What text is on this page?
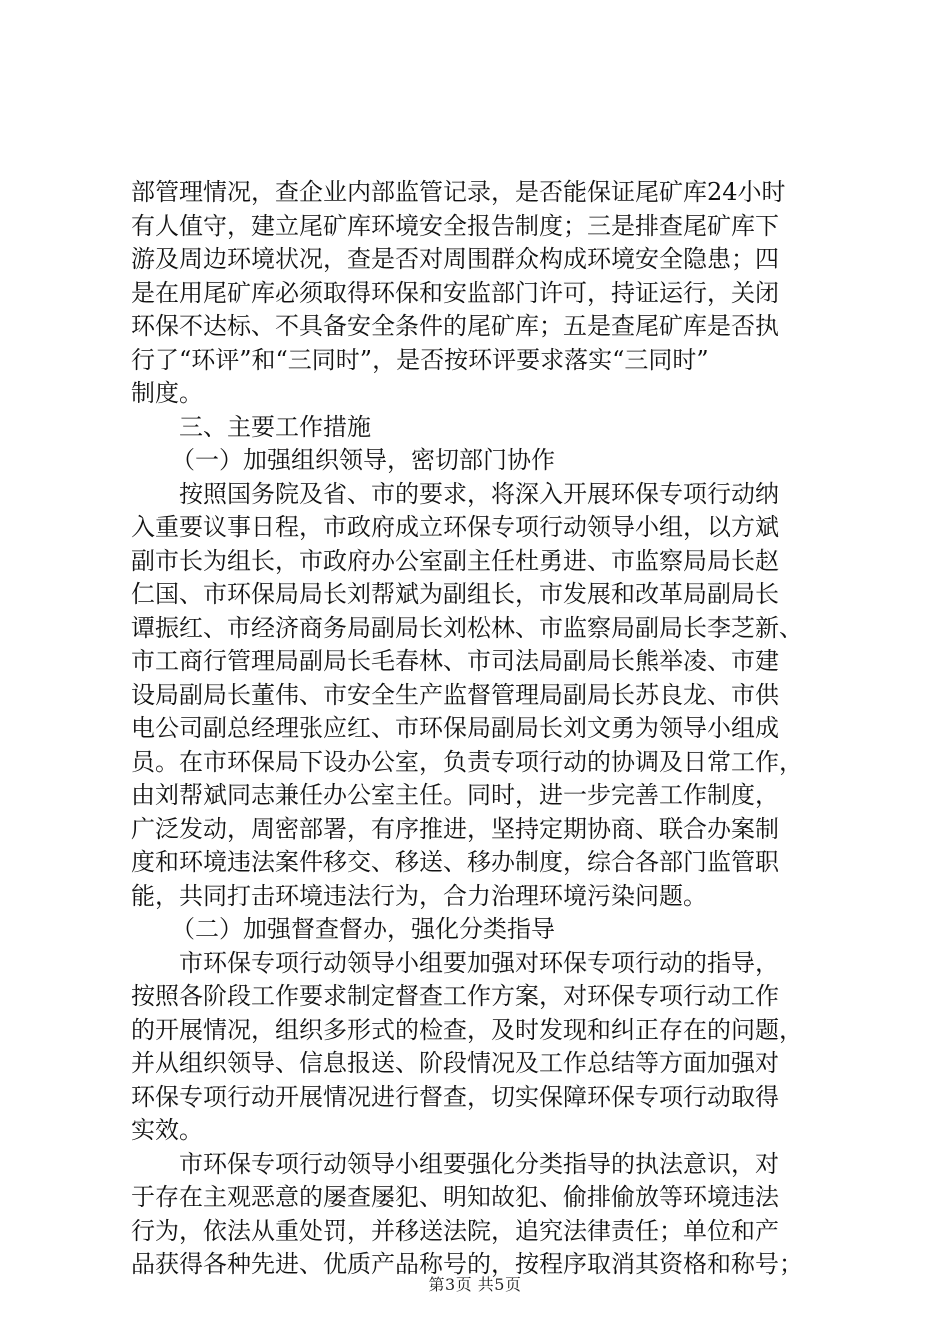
部管理情况，查企业内部监管记录，是否能保证尾矿库24小时
有人值守，建立尾矿库环境安全报告制度；三是排查尾矿库下
游及周边环境状况，查是否对周围群众构成环境安全隐患；四
是在用尾矿库必须取得环保和安监部门许可，持证运行，关闭
环保不达标、不具备安全条件的尾矿库；五是查尾矿库是否执
行了“环评”和“三同时”，是否按环评要求落实“三同时”
制度。
三、主要工作措施
（一）加强组织领导，密切部门协作
按照国务院及省、市的要求，将深入开展环保专项行动纳
入重要议事日程，市政府成立环保专项行动领导小组，以方斌
副市长为组长，市政府办公室副主任杜勇进、市监察局局长赵
仁国、市环保局局长刘帮斌为副组长，市发展和改革局副局长
谭振红、市经济商务局副局长刘松林、市监察局副局长李芝新、
市工商行管理局副局长毛春林、市司法局副局长熊举凌、市建
设局副局长董伟、市安全生产监督管理局副局长苏良龙、市供
电公司副总经理张应红、市环保局副局长刘文勇为领导小组成
员。在市环保局下设办公室，负责专项行动的协调及日常工作，
由刘帮斌同志兼任办公室主任。同时，进一步完善工作制度，
广泛发动，周密部署，有序推进，坚持定期协商、联合办案制
度和环境违法案件移交、移送、移办制度，综合各部门监管职
能，共同打击环境违法行为，合力治理环境污染问题。
（二）加强督查督办，强化分类指导
市环保专项行动领导小组要加强对环保专项行动的指导，
按照各阶段工作要求制定督查工作方案，对环保专项行动工作
的开展情况，组织多形式的检查，及时发现和纠正存在的问题，
并从组织领导、信息报送、阶段情况及工作总结等方面加强对
环保专项行动开展情况进行督查，切实保障环保专项行动取得
实效。
市环保专项行动领导小组要强化分类指导的执法意识，对
于存在主观恶意的屡查屡犯、明知故犯、偷排偷放等环境违法
行为，依法从重处罚，并移送法院，追究法律责任；单位和产
品获得各种先进、优质产品称号的，按程序取消其资格和称号；
第3页 共5页
